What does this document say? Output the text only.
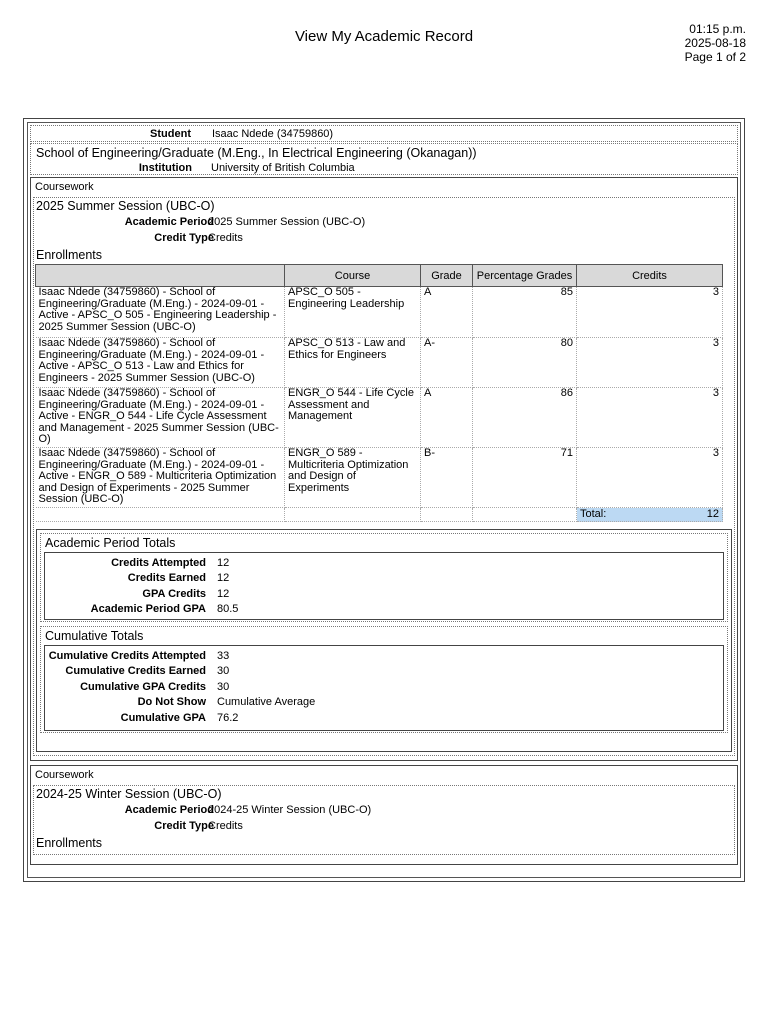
View My Academic Record	01:15 p.m.
2025-08-18
Page 1 of 2
Student Isaac Ndede (34759860)
School of Engineering/Graduate (M.Eng., In Electrical Engineering (Okanagan))
Institution University of British Columbia
Coursework
2025 Summer Session (UBC-O)
Academic Period
2025 Summer Session (UBC-O)
Credit Type
Credits
Enrollments
	Course	Grade	Percentage Grades	Credits
Isaac Ndede (34759860) - School of Engineering/Graduate (M.Eng.) - 2024-09-01 - Active - APSC_O 505 - Engineering Leadership - 2025 Summer Session (UBC-O)	APSC_O 505 - Engineering Leadership	A	85	3
Isaac Ndede (34759860) - School of Engineering/Graduate (M.Eng.) - 2024-09-01 - Active - APSC_O 513 - Law and Ethics for Engineers - 2025 Summer Session (UBC-O)	APSC_O 513 - Law and Ethics for Engineers	A-	80	3
Isaac Ndede (34759860) - School of Engineering/Graduate (M.Eng.) - 2024-09-01 - Active - ENGR_O 544 - Life Cycle Assessment and Management - 2025 Summer Session (UBC-O)	ENGR_O 544 - Life Cycle Assessment and Management	A	86	3
Isaac Ndede (34759860) - School of Engineering/Graduate (M.Eng.) - 2024-09-01 - Active - ENGR_O 589 - Multicriteria Optimization and Design of Experiments - 2025 Summer Session (UBC-O)	ENGR_O 589 - Multicriteria Optimization and Design of Experiments	B-	71	3

				Total: 12
Academic Period Totals
Credits Attempted 12
Credits Earned 12
GPA Credits 12
Academic Period GPA 80.5
Cumulative Totals
Cumulative Credits Attempted 33
Cumulative Credits Earned 30
Cumulative GPA Credits 30
Do Not Show Cumulative Average
Cumulative GPA 76.2
Coursework
2024-25 Winter Session (UBC-O)
Academic Period
2024-25 Winter Session (UBC-O)
Credit Type
Credits
Enrollments
